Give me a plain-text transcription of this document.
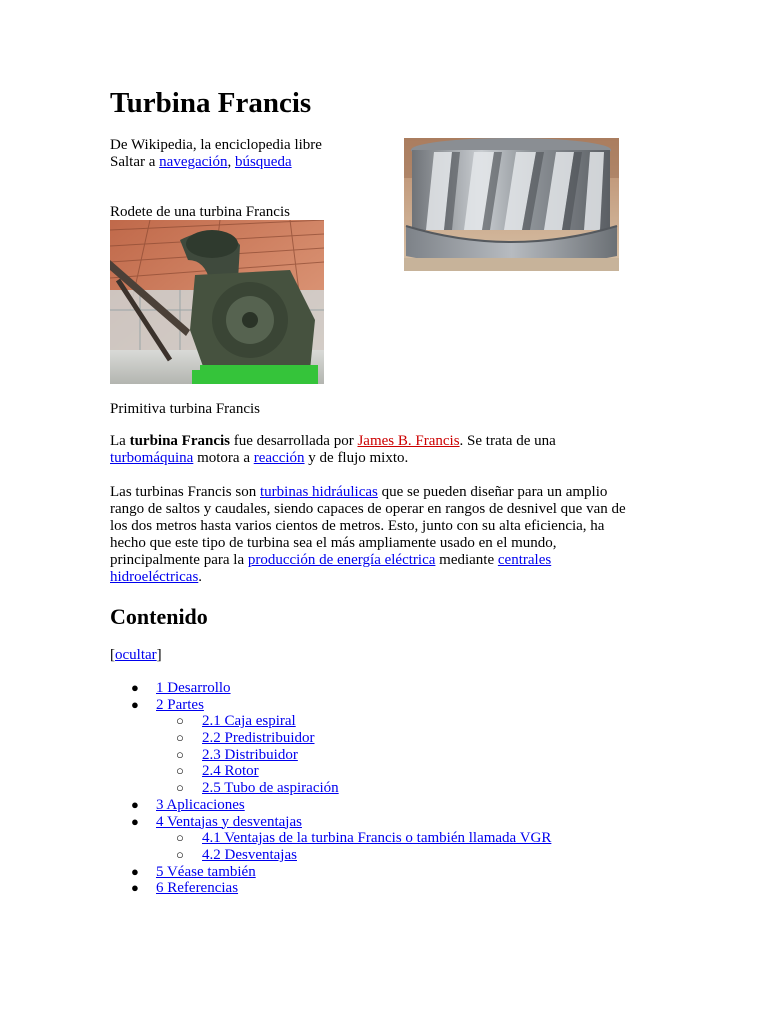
Turbina Francis

De Wikipedia, la enciclopedia libre

Saltar a navegación, búsqueda

Rodete de una turbina Francis

Primitiva turbina Francis

La turbina Francis fue desarrollada por James B. Francis. Se trata de una

turbomáquina motora a reacción y de flujo mixto.

Las turbinas Francis son turbinas hidráulicas que se pueden diseñar para un amplio

rango de saltos y caudales, siendo capaces de operar en rangos de desnivel que van de

los dos metros hasta varios cientos de metros. Esto, junto con su alta eficiencia, ha

hecho que este tipo de turbina sea el más ampliamente usado en el mundo,

principalmente para la producción de energía eléctrica mediante centrales

hidroeléctricas.

Contenido

[ocultar]

● 1 Desarrollo
● 2 Partes
○ 2.1 Caja espiral
○ 2.2 Predistribuidor
○ 2.3 Distribuidor
○ 2.4 Rotor
○ 2.5 Tubo de aspiración
● 3 Aplicaciones
● 4 Ventajas y desventajas
○ 4.1 Ventajas de la turbina Francis o también llamada VGR
○ 4.2 Desventajas
● 5 Véase también
● 6 Referencias
